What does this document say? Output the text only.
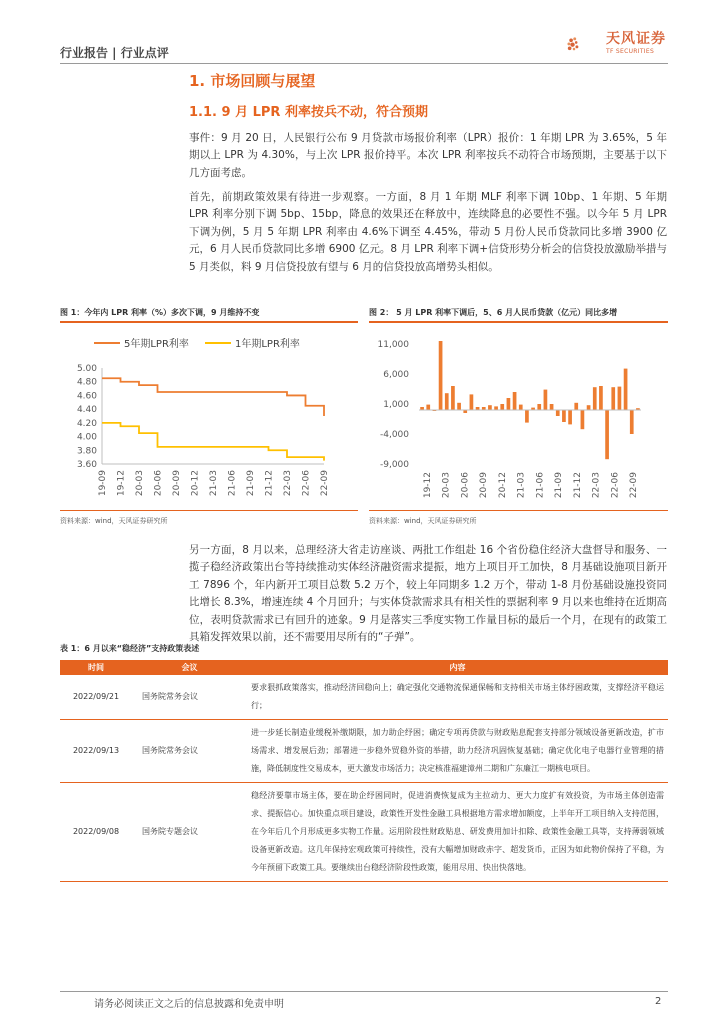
行业报告 | 行业点评
天风证券
TF SECURITIES
1. 市场回顾与展望
1.1. 9 月 LPR 利率按兵不动，符合预期
事件：9 月 20 日，人民银行公布 9 月贷款市场报价利率（LPR）报价：1 年期 LPR 为 3.65%，5 年期以上 LPR 为 4.30%，与上次 LPR 报价持平。本次 LPR 利率按兵不动符合市场预期，主要基于以下几方面考虑。
首先，前期政策效果有待进一步观察。一方面，8 月 1 年期 MLF 利率下调 10bp、1 年期、5 年期 LPR 利率分别下调 5bp、15bp，降息的效果还在释放中，连续降息的必要性不强。以今年 5 月 LPR 下调为例，5 月 5 年期 LPR 利率由 4.6%下调至 4.45%，带动 5 月份人民币贷款同比多增 3900 亿元，6 月人民币贷款同比多增 6900 亿元。8 月 LPR 利率下调+信贷形势分析会的信贷投放激励举措与 5 月类似，料 9 月信贷投放有望与 6 月的信贷投放高增势头相似。
图 1：今年内 LPR 利率（%）多次下调，9 月维持不变
5.00
4.80
4.60
4.40
4.20
4.00
3.80
3.60
19-09 19-12 20-03 20-06 20-09 20-12 21-03 21-06 21-09 21-12 22-03 22-06 22-09
5年期LPR利率	1年期LPR利率
资料来源：wind，天风证券研究所
图 2： 5 月 LPR 利率下调后，5、6 月人民币贷款（亿元）同比多增
11,000
6,000
1,000
-4,000
-9,000
19-12 20-03 20-06 20-09 20-12 21-03 21-06 21-09 21-12 22-03 22-06 22-09
资料来源：wind，天风证券研究所
另一方面，8 月以来，总理经济大省走访座谈、两批工作组赴 16 个省份稳住经济大盘督导和服务、一揽子稳经济政策出台等持续推动实体经济融资需求提振，地方上项目开工加快，8 月基础设施项目新开工 7896 个，年内新开工项目总数 5.2 万个，较上年同期多 1.2 万个，带动 1-8 月份基础设施投资同比增长 8.3%，增速连续 4 个月回升；与实体贷款需求具有相关性的票据利率 9 月以来也维持在近期高位，表明贷款需求已有回升的迹象。9 月是落实三季度实物工作量目标的最后一个月，在现有的政策工具箱发挥效果以前，还不需要用尽所有的“子弹”。
表 1：6 月以来“稳经济”支持政策表述
时间	会议	内容
2022/09/21	国务院常务会议	要求狠抓政策落实，推动经济回稳向上；确定强化交通物流保通保畅和支持相关市场主体纾困政策，支撑经济平稳运行；
2022/09/13	国务院常务会议	进一步延长制造业缓税补缴期限，加力助企纾困；确定专项再贷款与财政贴息配套支持部分领域设备更新改造，扩市场需求、增发展后劲；部署进一步稳外贸稳外资的举措，助力经济巩固恢复基础；确定优化电子电器行业管理的措施，降低制度性交易成本，更大激发市场活力；决定核准福建漳州二期和广东廉江一期核电项目。
2022/09/08	国务院专题会议	稳经济要靠市场主体，要在助企纾困同时，促进消费恢复成为主拉动力、更大力度扩有效投资，为市场主体创造需求、提振信心。加快重点项目建设，政策性开发性金融工具根据地方需求增加额度，上半年开工项目纳入支持范围，在今年后几个月形成更多实物工作量。运用阶段性财政贴息、研发费用加计扣除、政策性金融工具等，支持薄弱领域设备更新改造。这几年保持宏观政策可持续性，没有大幅增加财政赤字、超发货币，正因为如此物价保持了平稳，为今年预留下政策工具。要继续出台稳经济阶段性政策，能用尽用、快出快落地。
请务必阅读正文之后的信息披露和免责申明	2
